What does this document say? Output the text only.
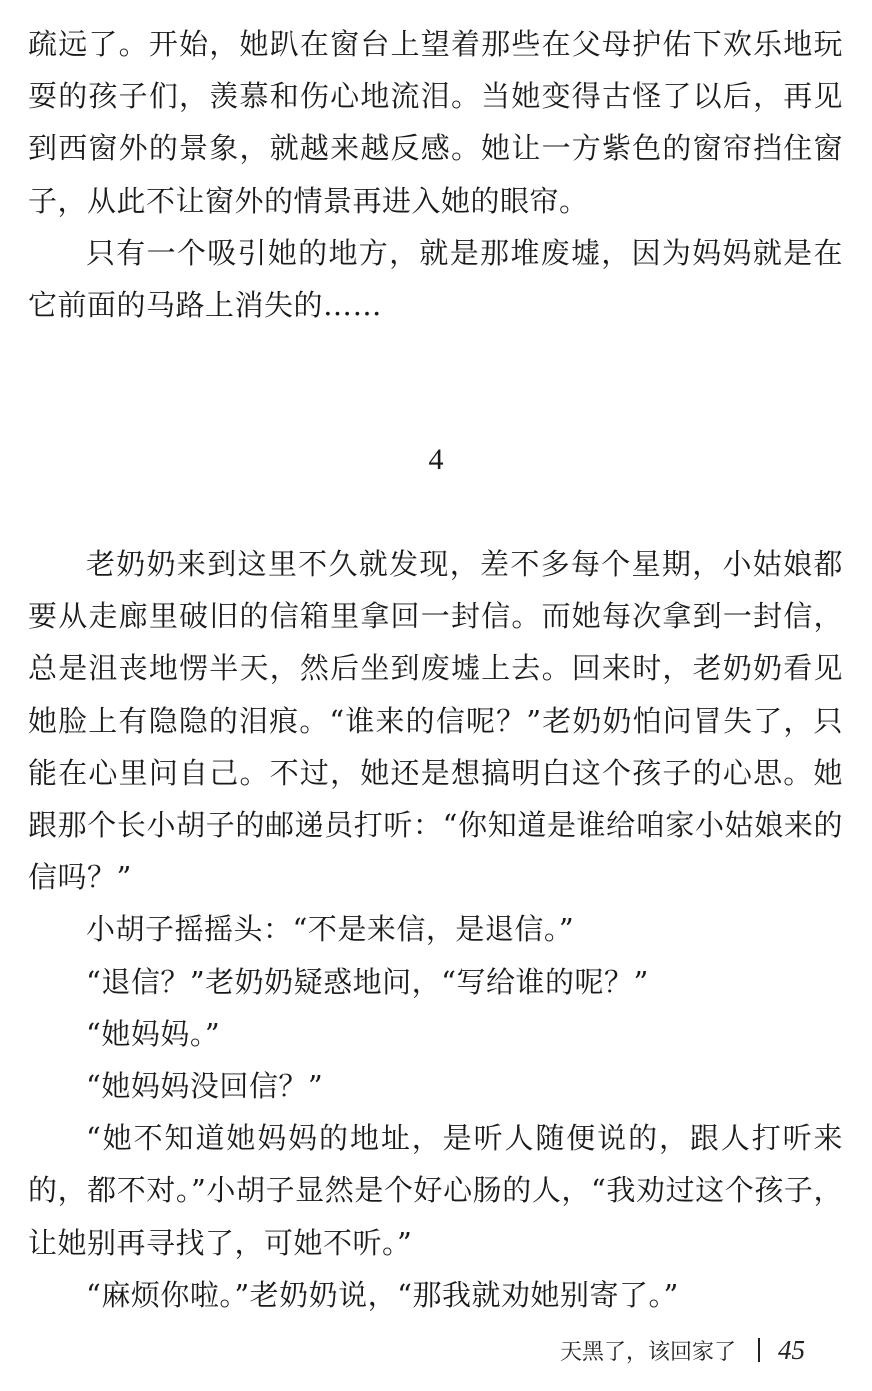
疏远了。开始，她趴在窗台上望着那些在父母护佑下欢乐地玩耍的孩子们，羡慕和伤心地流泪。当她变得古怪了以后，再见到西窗外的景象，就越来越反感。她让一方紫色的窗帘挡住窗子，从此不让窗外的情景再进入她的眼帘。

只有一个吸引她的地方，就是那堆废墟，因为妈妈就是在它前面的马路上消失的……

4

老奶奶来到这里不久就发现，差不多每个星期，小姑娘都要从走廊里破旧的信箱里拿回一封信。而她每次拿到一封信，总是沮丧地愣半天，然后坐到废墟上去。回来时，老奶奶看见她脸上有隐隐的泪痕。“谁来的信呢？”老奶奶怕问冒失了，只能在心里问自己。不过，她还是想搞明白这个孩子的心思。她跟那个长小胡子的邮递员打听：“你知道是谁给咱家小姑娘来的信吗？”

小胡子摇摇头：“不是来信，是退信。”

“退信？”老奶奶疑惑地问，“写给谁的呢？”

“她妈妈。”

“她妈妈没回信？”

“她不知道她妈妈的地址，是听人随便说的，跟人打听来的，都不对。”小胡子显然是个好心肠的人，“我劝过这个孩子，让她别再寻找了，可她不听。”

“麻烦你啦。”老奶奶说，“那我就劝她别寄了。”

天黑了，该回家了 45
